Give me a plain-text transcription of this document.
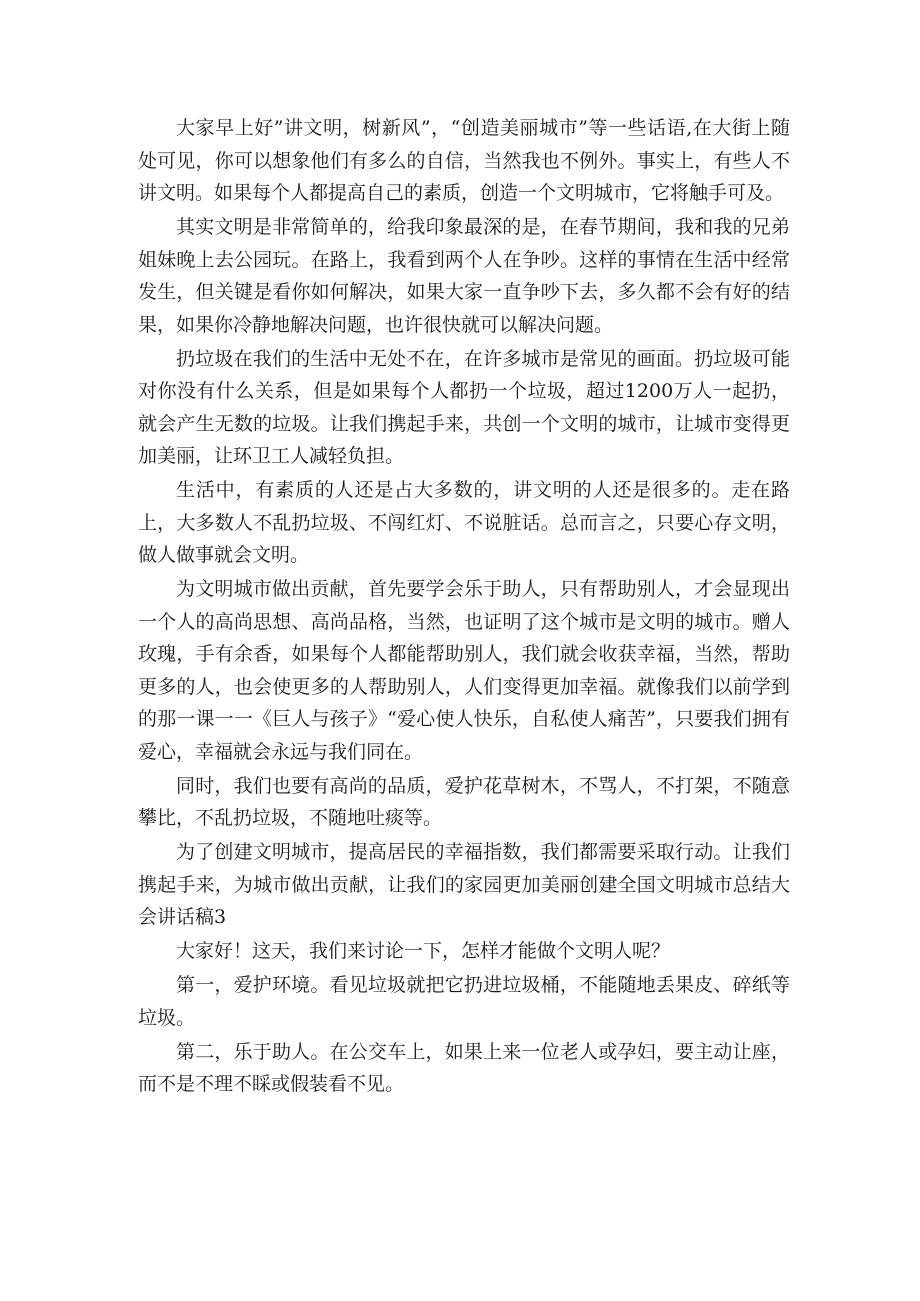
大家早上好”讲文明，树新风”，“创造美丽城市”等一些话语,在大街上随处可见，你可以想象他们有多么的自信，当然我也不例外。事实上，有些人不讲文明。如果每个人都提高自己的素质，创造一个文明城市，它将触手可及。

其实文明是非常简单的，给我印象最深的是，在春节期间，我和我的兄弟姐妹晚上去公园玩。在路上，我看到两个人在争吵。这样的事情在生活中经常发生，但关键是看你如何解决，如果大家一直争吵下去，多久都不会有好的结果，如果你冷静地解决问题，也许很快就可以解决问题。

扔垃圾在我们的生活中无处不在，在许多城市是常见的画面。扔垃圾可能对你没有什么关系，但是如果每个人都扔一个垃圾，超过1200万人一起扔，就会产生无数的垃圾。让我们携起手来，共创一个文明的城市，让城市变得更加美丽，让环卫工人减轻负担。

生活中，有素质的人还是占大多数的，讲文明的人还是很多的。走在路上，大多数人不乱扔垃圾、不闯红灯、不说脏话。总而言之，只要心存文明，做人做事就会文明。

为文明城市做出贡献，首先要学会乐于助人，只有帮助别人，才会显现出一个人的高尚思想、高尚品格，当然，也证明了这个城市是文明的城市。赠人玫瑰，手有余香，如果每个人都能帮助别人，我们就会收获幸福，当然，帮助更多的人，也会使更多的人帮助别人，人们变得更加幸福。就像我们以前学到的那一课一一《巨人与孩子》“爱心使人快乐，自私使人痛苦”，只要我们拥有爱心，幸福就会永远与我们同在。

同时，我们也要有高尚的品质，爱护花草树木，不骂人，不打架，不随意攀比，不乱扔垃圾，不随地吐痰等。

为了创建文明城市，提高居民的幸福指数，我们都需要采取行动。让我们携起手来，为城市做出贡献，让我们的家园更加美丽创建全国文明城市总结大会讲话稿3

大家好！这天，我们来讨论一下，怎样才能做个文明人呢？

第一，爱护环境。看见垃圾就把它扔进垃圾桶，不能随地丢果皮、碎纸等垃圾。

第二，乐于助人。在公交车上，如果上来一位老人或孕妇，要主动让座，而不是不理不睬或假装看不见。
